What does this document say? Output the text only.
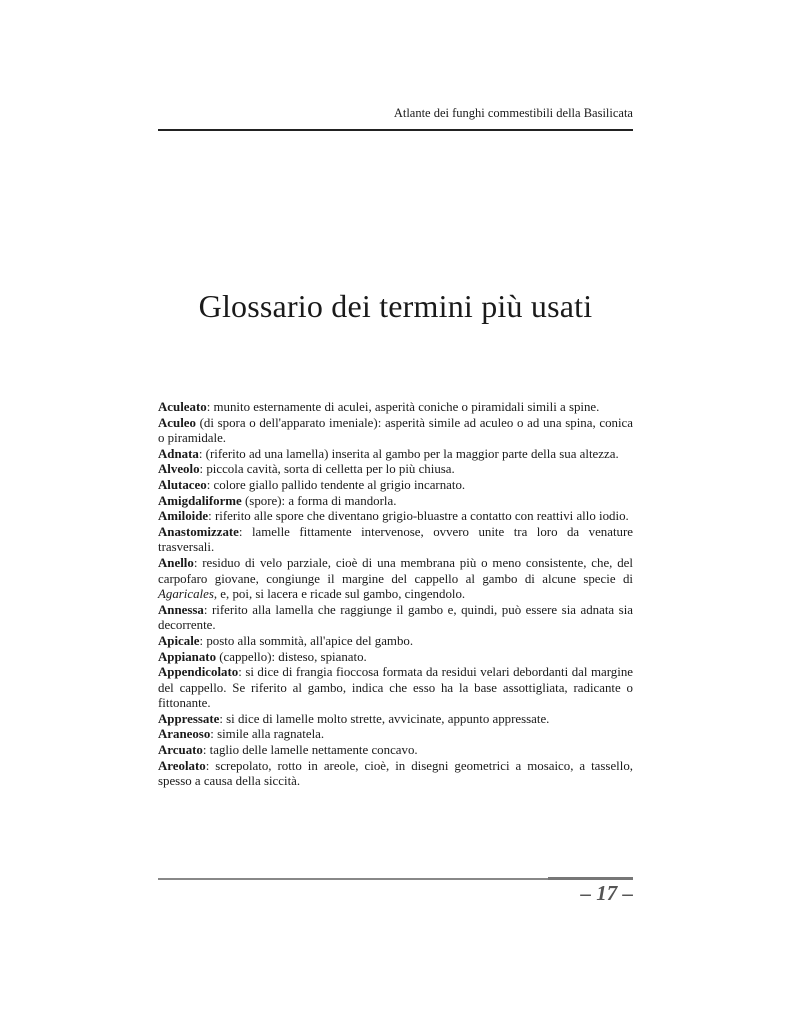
Atlante dei funghi commestibili della Basilicata
Glossario dei termini più usati

Aculeato: munito esternamente di aculei, asperità coniche o piramidali simili a spine.

Aculeo (di spora o dell'apparato imeniale): asperità simile ad aculeo o ad una spina, conica o piramidale.

Adnata: (riferito ad una lamella) inserita al gambo per la maggior parte della sua altezza.

Alveolo: piccola cavità, sorta di celletta per lo più chiusa.

Alutaceo: colore giallo pallido tendente al grigio incarnato.

Amigdaliforme (spore): a forma di mandorla.

Amiloide: riferito alle spore che diventano grigio-bluastre a contatto con reattivi allo iodio.

Anastomizzate: lamelle fittamente intervenose, ovvero unite tra loro da venature trasversali.

Anello: residuo di velo parziale, cioè di una membrana più o meno consistente, che, del carpofaro giovane, congiunge il margine del cappello al gambo di alcune specie di Agaricales, e, poi, si lacera e ricade sul gambo, cingendolo.

Annessa: riferito alla lamella che raggiunge il gambo e, quindi, può essere sia adnata sia decorrente.

Apicale: posto alla sommità, all'apice del gambo.

Appianato (cappello): disteso, spianato.

Appendicolato: si dice di frangia fioccosa formata da residui velari debordanti dal margine del cappello. Se riferito al gambo, indica che esso ha la base assottigliata, radicante o fittonante.

Appressate: si dice di lamelle molto strette, avvicinate, appunto appressate.

Araneoso: simile alla ragnatela.

Arcuato: taglio delle lamelle nettamente concavo.

Areolato: screpolato, rotto in areole, cioè, in disegni geometrici a mosaico, a tassello, spesso a causa della siccità.

– 17 –
